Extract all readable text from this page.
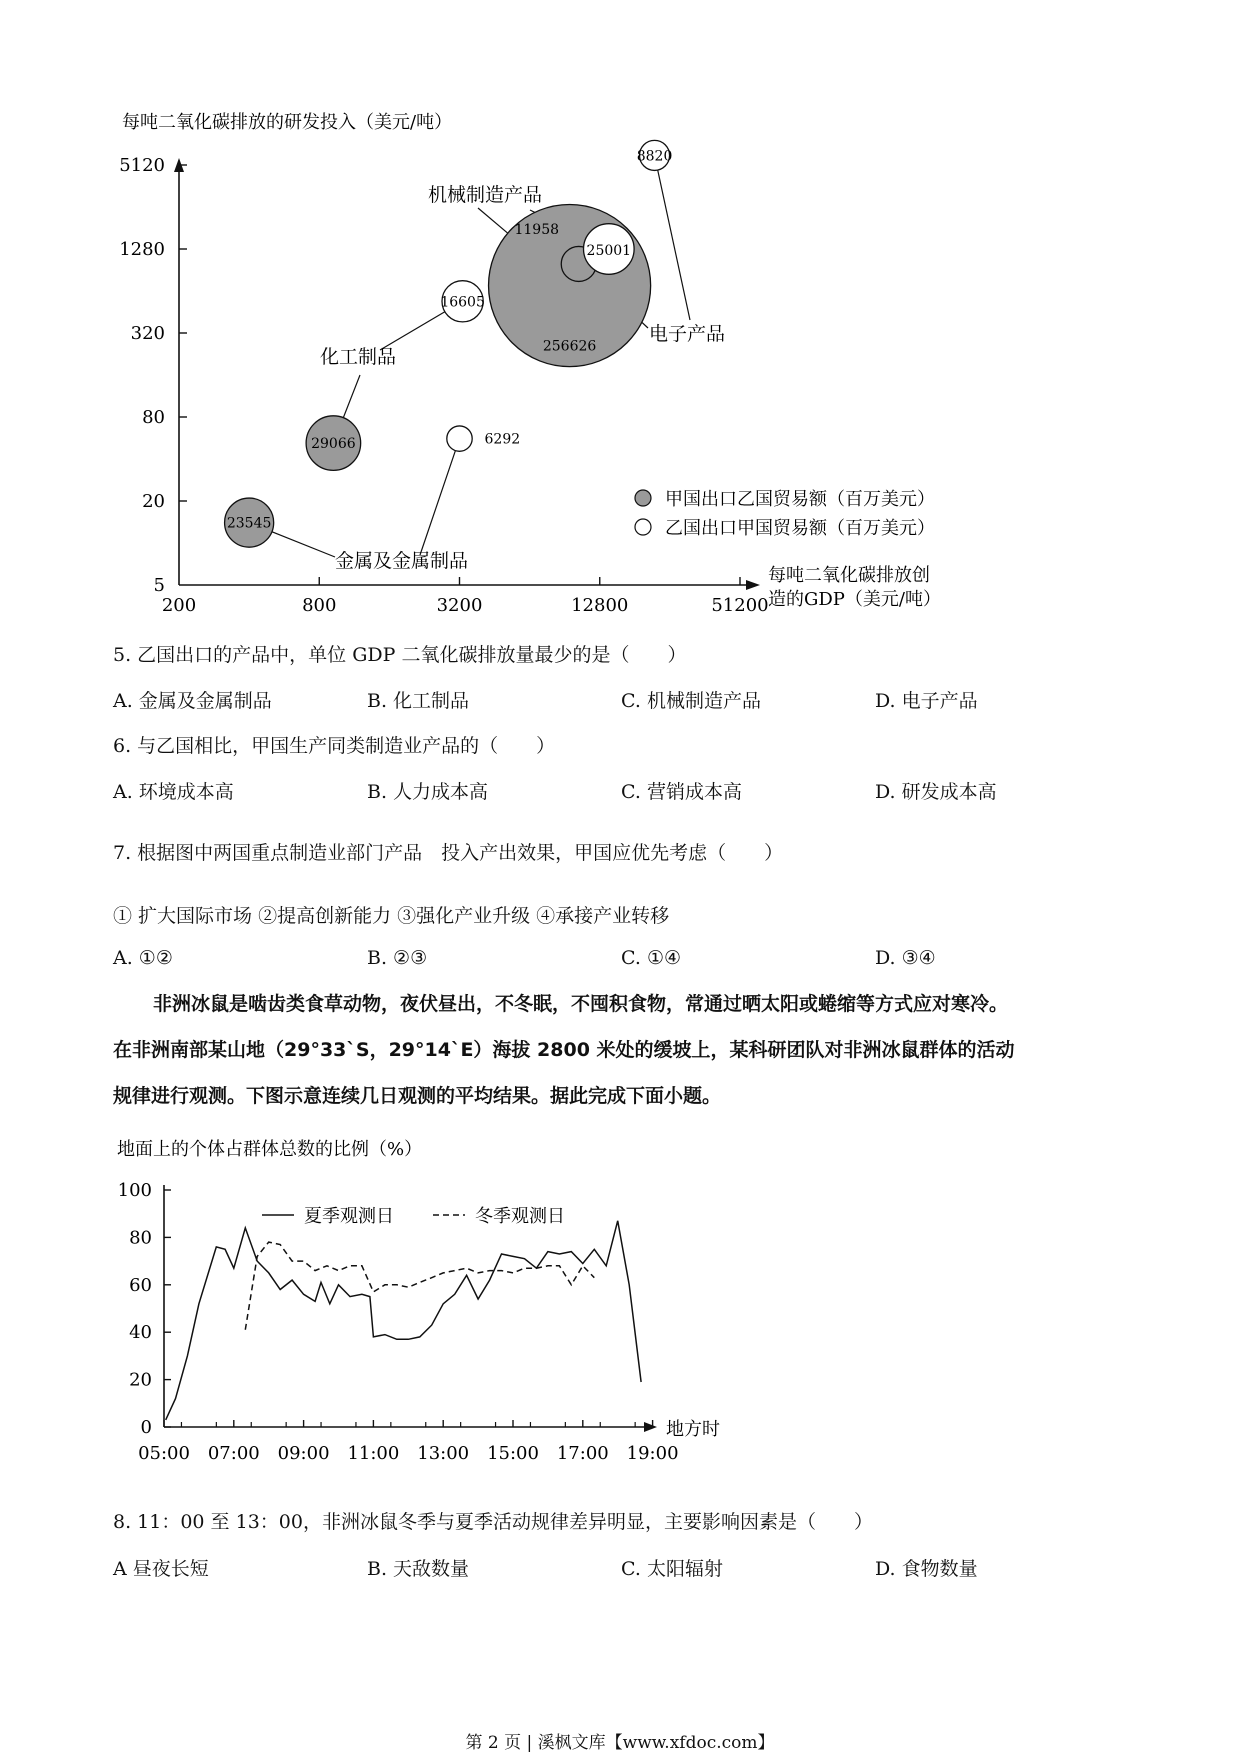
每吨二氧化碳排放的研发投入（美元/吨）
5120
1280
320
80
20
5
200	800	3200	12800	51200
256626
23545
6292
29066
16605
11958
25001
8820
机械制造产品
电子产品
化工制品
金属及金属制品
甲国出口乙国贸易额（百万美元）
乙国出口甲国贸易额（百万美元）
每吨二氧化碳排放创
造的GDP（美元/吨）
5. 乙国出口的产品中，单位 GDP 二氧化碳排放量最少的是（　　）
A. 金属及金属制品	B. 化工制品	C. 机械制造产品	D. 电子产品
6. 与乙国相比，甲国生产同类制造业产品的（　　）
A. 环境成本高	B. 人力成本高	C. 营销成本高	D. 研发成本高
7. 根据图中两国重点制造业部门产品　投入产出效果，甲国应优先考虑（　　）
① 扩大国际市场 ②提高创新能力 ③强化产业升级 ④承接产业转移
A. ①②	B. ②③	C. ①④	D. ③④
非洲冰鼠是啮齿类食草动物，夜伏昼出，不冬眠，不囤积食物，常通过晒太阳或蜷缩等方式应对寒冷。
在非洲南部某山地（29°33`S，29°14`E）海拔 2800 米处的缓坡上，某科研团队对非洲冰鼠群体的活动
规律进行观测。下图示意连续几日观测的平均结果。据此完成下面小题。
地面上的个体占群体总数的比例（%）
地方时
0
20
40
60
80
100
05:00 07:00 09:00 11:00 13:00 15:00 17:00 19:00
夏季观测日	冬季观测日
8. 11：00 至 13：00，非洲冰鼠冬季与夏季活动规律差异明显，主要影响因素是（　　）
A 昼夜长短	B. 天敌数量	C. 太阳辐射	D. 食物数量
第 2 页 | 溪枫文库【www.xfdoc.com】
